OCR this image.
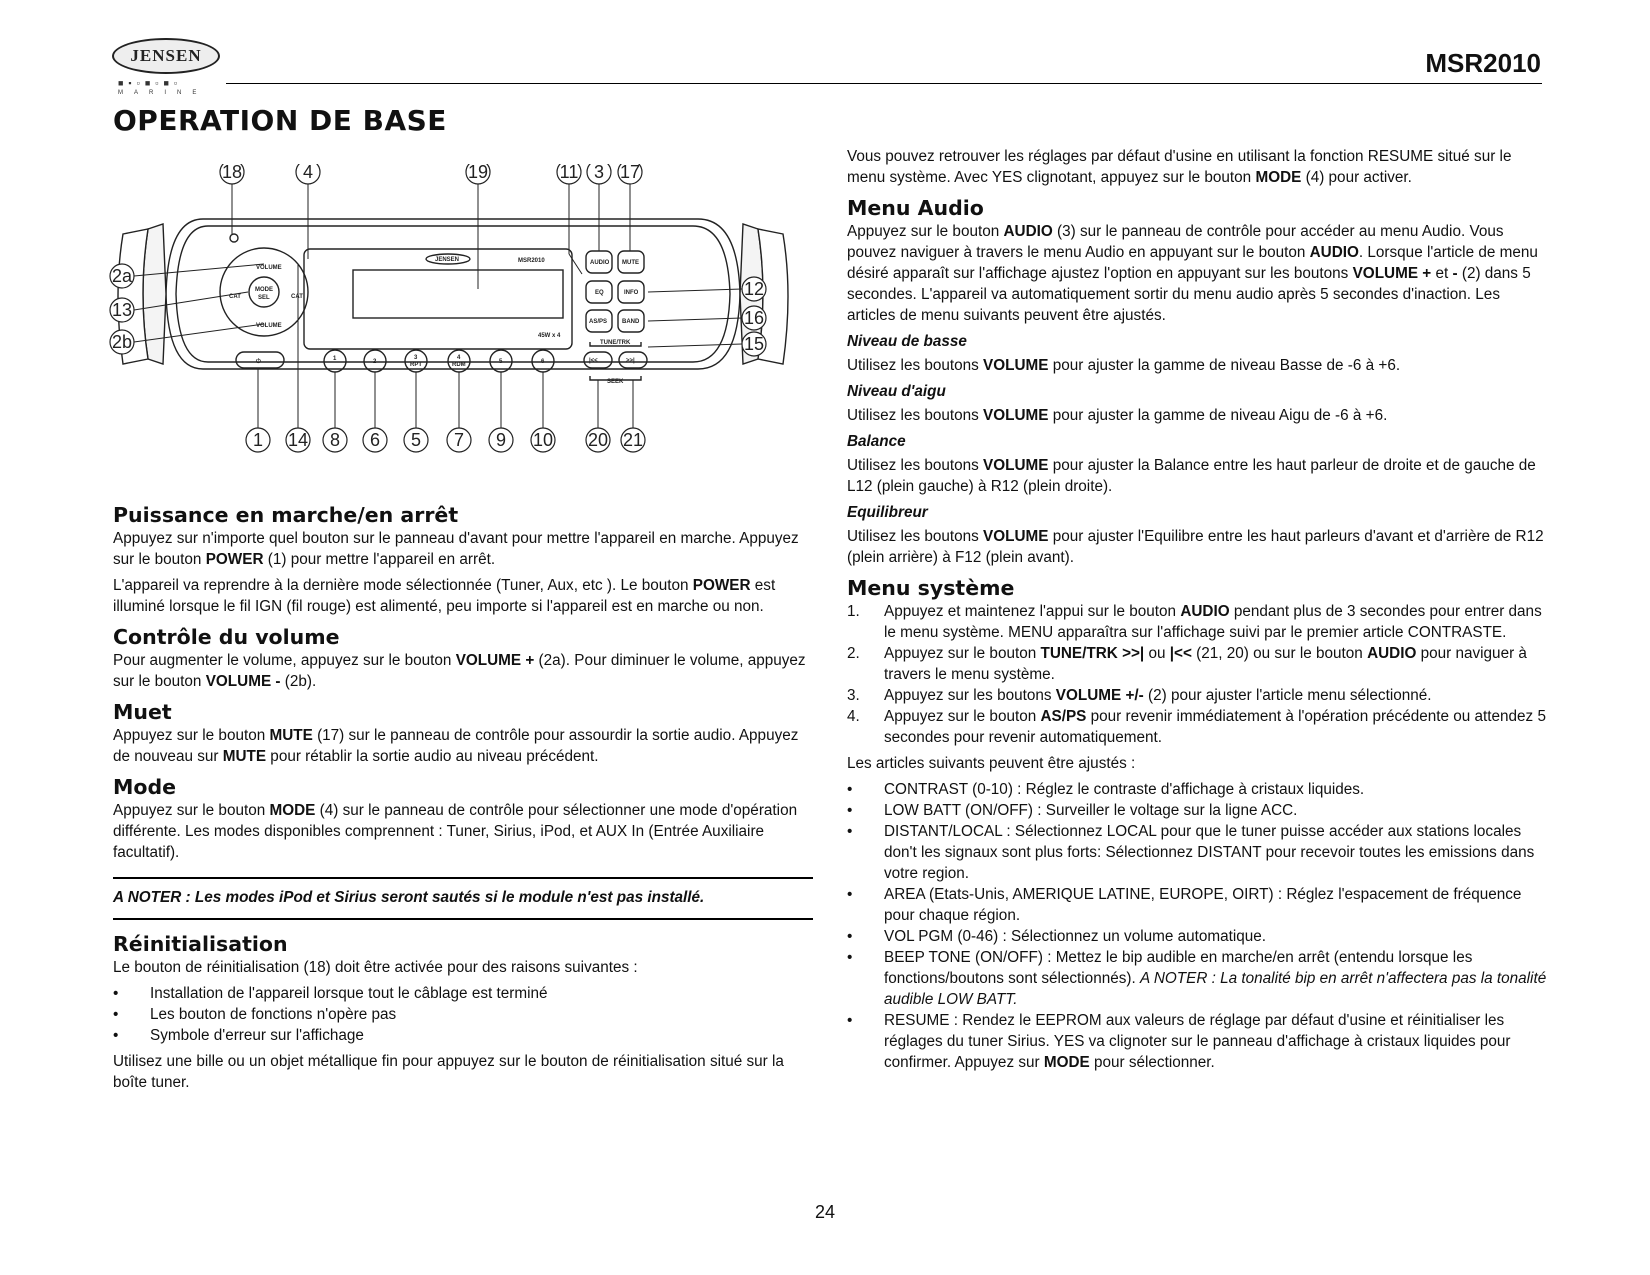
JENSEN
■▪▫■▫■▫
MARINE
MSR2010
OPERATION DE BASE
VOLUME
VOLUME
MODE
SEL
CAT	CAT
JENSEN	MSR2010
45W x 4
AUDIO MUTE
EQ	INFO
AS/PS BAND
TUNE/TRK
SEEK
1	2
3	4
5	6
RPT	RDM
|<<	>>|
⏻
18	4	19	11 3 17
2a
13
2b
12
16
15
1 14 8 6 5 7 9 10 20 21
Puissance en marche/en arrêt

Appuyez sur n'importe quel bouton sur le panneau d'avant pour mettre l'appareil en marche. Appuyez sur le bouton POWER (1) pour mettre l'appareil en arrêt.

L'appareil va reprendre à la dernière mode sélectionnée (Tuner, Aux, etc ). Le bouton POWER est illuminé lorsque le fil IGN (fil rouge) est alimenté, peu importe si l'appareil est en marche ou non.

Contrôle du volume

Pour augmenter le volume, appuyez sur le bouton VOLUME + (2a). Pour diminuer le volume, appuyez sur le bouton VOLUME - (2b).

Muet

Appuyez sur le bouton MUTE (17) sur le panneau de contrôle pour assourdir la sortie audio. Appuyez de nouveau sur MUTE pour rétablir la sortie audio au niveau précédent.

Mode

Appuyez sur le bouton MODE (4) sur le panneau de contrôle pour sélectionner une mode d'opération différente. Les modes disponibles comprennent : Tuner, Sirius, iPod, et AUX In (Entrée Auxiliaire facultatif).

A NOTER : Les modes iPod et Sirius seront sautés si le module n'est pas installé.
Réinitialisation

Le bouton de réinitialisation (18) doit être activée pour des raisons suivantes :

• Installation de l'appareil lorsque tout le câblage est terminé
• Les bouton de fonctions n'opère pas
• Symbole d'erreur sur l'affichage

Utilisez une bille ou un objet métallique fin pour appuyez sur le bouton de réinitialisation situé sur la boîte tuner.

Vous pouvez retrouver les réglages par défaut d'usine en utilisant la fonction RESUME situé sur le menu système. Avec YES clignotant, appuyez sur le bouton MODE (4) pour activer.

Menu Audio

Appuyez sur le bouton AUDIO (3) sur le panneau de contrôle pour accéder au menu Audio. Vous pouvez naviguer à travers le menu Audio en appuyant sur le bouton AUDIO. Lorsque l'article de menu désiré apparaît sur l'affichage ajustez l'option en appuyant sur les boutons VOLUME + et - (2) dans 5 secondes. L'appareil va automatiquement sortir du menu audio après 5 secondes d'inaction. Les articles de menu suivants peuvent être ajustés.

Niveau de basse

Utilisez les boutons VOLUME pour ajuster la gamme de niveau Basse de -6 à +6.

Niveau d'aigu

Utilisez les boutons VOLUME pour ajuster la gamme de niveau Aigu de -6 à +6.

Balance

Utilisez les boutons VOLUME pour ajuster la Balance entre les haut parleur de droite et de gauche de L12 (plein gauche) à R12 (plein droite).

Equilibreur

Utilisez les boutons VOLUME pour ajuster l'Equilibre entre les haut parleurs d'avant et d'arrière de R12 (plein arrière) à F12 (plein avant).

Menu système
1. Appuyez et maintenez l'appui sur le bouton AUDIO pendant plus de 3 secondes pour entrer dans le menu système. MENU apparaîtra sur l'affichage suivi par le premier article CONTRASTE.
2. Appuyez sur le bouton TUNE/TRK >>| ou |<< (21, 20) ou sur le bouton AUDIO pour naviguer à travers le menu système.
3. Appuyez sur les boutons VOLUME +/- (2) pour ajuster l'article menu sélectionné.
4. Appuyez sur le bouton AS/PS pour revenir immédiatement à l'opération précédente ou attendez 5 secondes pour revenir automatiquement.

Les articles suivants peuvent être ajustés :

• CONTRAST (0-10) : Réglez le contraste d'affichage à cristaux liquides.
• LOW BATT (ON/OFF) : Surveiller le voltage sur la ligne ACC.
• DISTANT/LOCAL : Sélectionnez LOCAL pour que le tuner puisse accéder aux stations locales don't les signaux sont plus forts: Sélectionnez DISTANT pour recevoir toutes les emissions dans votre region.
• AREA (Etats-Unis, AMERIQUE LATINE, EUROPE, OIRT) : Réglez l'espacement de fréquence pour chaque région.
• VOL PGM (0-46) : Sélectionnez un volume automatique.
• BEEP TONE (ON/OFF) : Mettez le bip audible en marche/en arrêt (entendu lorsque les fonctions/boutons sont sélectionnés). A NOTER : La tonalité bip en arrêt n'affectera pas la tonalité audible LOW BATT.
• RESUME : Rendez le EEPROM aux valeurs de réglage par défaut d'usine et réinitialiser les réglages du tuner Sirius. YES va clignoter sur le panneau d'affichage à cristaux liquides pour confirmer. Appuyez sur MODE pour sélectionner.
24
